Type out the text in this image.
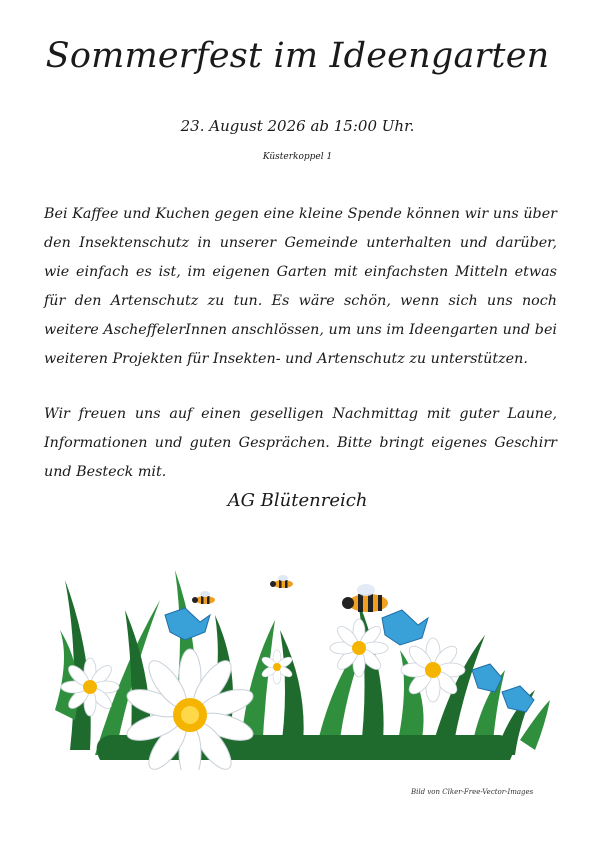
Sommerfest im Ideengarten
23. August 2026 ab 15:00 Uhr.
Küsterkoppel 1

Bei Kaffee und Kuchen gegen eine kleine Spende können wir uns über den Insektenschutz in unserer Gemeinde unterhalten und darüber, wie einfach es ist, im eigenen Garten mit einfachsten Mitteln etwas für den Artenschutz zu tun. Es wäre schön, wenn sich uns noch weitere AscheffelerInnen anschlössen, um uns im Ideengarten und bei weiteren Projekten für Insekten- und Artenschutz zu unterstützen.

Wir freuen uns auf einen geselligen Nachmittag mit guter Laune, Informationen und guten Gesprächen. Bitte bringt eigenes Geschirr und Besteck mit.

AG Blütenreich
Bild von Clker-Free-Vector-Images
